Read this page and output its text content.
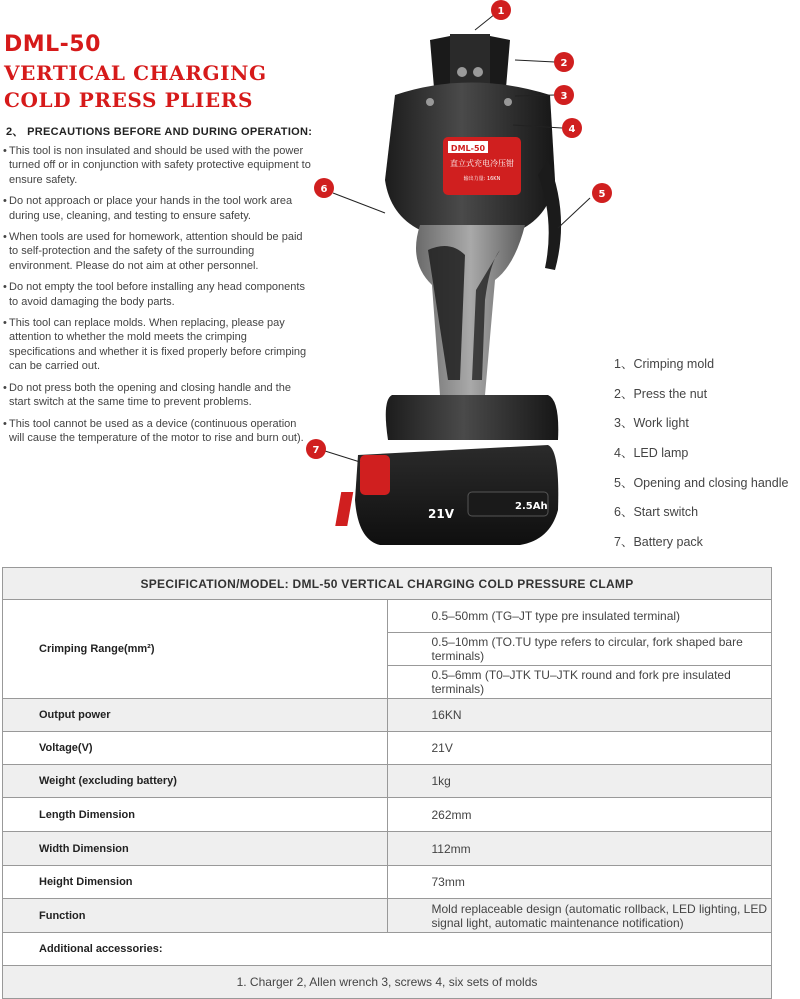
DML-50
VERTICAL CHARGING
COLD PRESS PLIERS
2、 PRECAUTIONS BEFORE AND DURING OPERATION:
• This tool is non insulated and should be used with the power turned off or in conjunction with safety protective equipment to ensure safety.
• Do not approach or place your hands in the tool work area during use, cleaning, and testing to ensure safety.
• When tools are used for homework, attention should be paid to self-protection and the safety of the surrounding environment. Please do not aim at other personnel.
• Do not empty the tool before installing any head components to avoid damaging the body parts.
• This tool can replace molds. When replacing, please pay attention to whether the mold meets the crimping specifications and whether it is fixed properly before crimping can be carried out.
• Do not press both the opening and closing handle and the start switch at the same time to prevent problems.
• This tool cannot be used as a device (continuous operation will cause the temperature of the motor to rise and burn out).
DML-50
直立式充电冷压钳
输出力量: 16KN
21V
2.5Ah
1
2
3
4
5
6
7
1、Crimping mold
2、Press the nut
3、Work light
4、LED lamp
5、Opening and closing handle
6、Start switch
7、Battery pack
SPECIFICATION/MODEL: DML-50 VERTICAL CHARGING COLD PRESSURE CLAMP	
Crimping Range(mm²)	0.5–50mm (TG–JT type pre insulated terminal)
	0.5–10mm (TO.TU type refers to circular, fork shaped bare terminals)
	0.5–6mm (T0–JTK TU–JTK round and fork pre insulated terminals)
Output power	16KN
Voltage(V)	21V
Weight (excluding battery)	1kg
Length Dimension	262mm
Width Dimension	112mm
Height Dimension	73mm
Function	Mold replaceable design (automatic rollback, LED lighting, LED signal light, automatic maintenance notification)
Additional accessories:	
1. Charger 2, Allen wrench 3, screws 4, six sets of molds	
